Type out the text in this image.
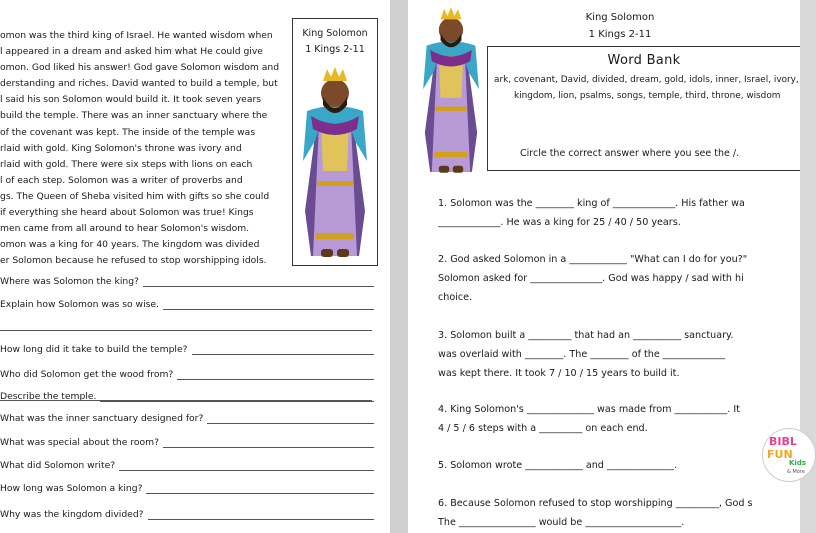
omon was the third king of Israel. He wanted wisdom when
l appeared in a dream and asked him what He could give
omon. God liked his answer! God gave Solomon wisdom and
derstanding and riches. David wanted to build a temple, but
l said his son Solomon would build it. It took seven years
build the temple. There was an inner sanctuary where the
of the covenant was kept. The inside of the temple was
rlaid with gold. King Solomon's throne was ivory and
rlaid with gold. There were six steps with lions on each
l of each step. Solomon was a writer of proverbs and
gs. The Queen of Sheba visited him with gifts so she could
if everything she heard about Solomon was true! Kings
men came from all around to hear Solomon's wisdom.
omon was a king for 40 years. The kingdom was divided
er Solomon because he refused to stop worshipping idols.
King Solomon
1 Kings 2-11
Where was Solomon the king?
Explain how Solomon was so wise.
How long did it take to build the temple?
Who did Solomon get the wood from?
Describe the temple.
What was the inner sanctuary designed for?
What was special about the room?
What did Solomon write?
How long was Solomon a king?
Why was the kingdom divided?
King Solomon
1 Kings 2-11
Word Bank
ark, covenant, David, divided, dream, gold, idols, inner, Israel, ivory,
kingdom, lion, psalms, songs, temple, third, throne, wisdom
Circle the correct answer where you see the /.
1. Solomon was the ________ king of _____________. His father wa
_____________. He was a king for 25 / 40 / 50 years.
2. God asked Solomon in a ____________ "What can I do for you?"
Solomon asked for _______________. God was happy / sad with hi
choice.
3. Solomon built a _________ that had an __________ sanctuary.
was overlaid with ________. The ________ of the _____________
was kept there. It took 7 / 10 / 15 years to build it.
4. King Solomon's ______________ was made from ___________. It
4 / 5 / 6 steps with a _________ on each end.
5. Solomon wrote ____________ and ______________.
6. Because Solomon refused to stop worshipping _________, God s
The ________________ would be ____________________.
BIBL
FUN
Kids
& More
